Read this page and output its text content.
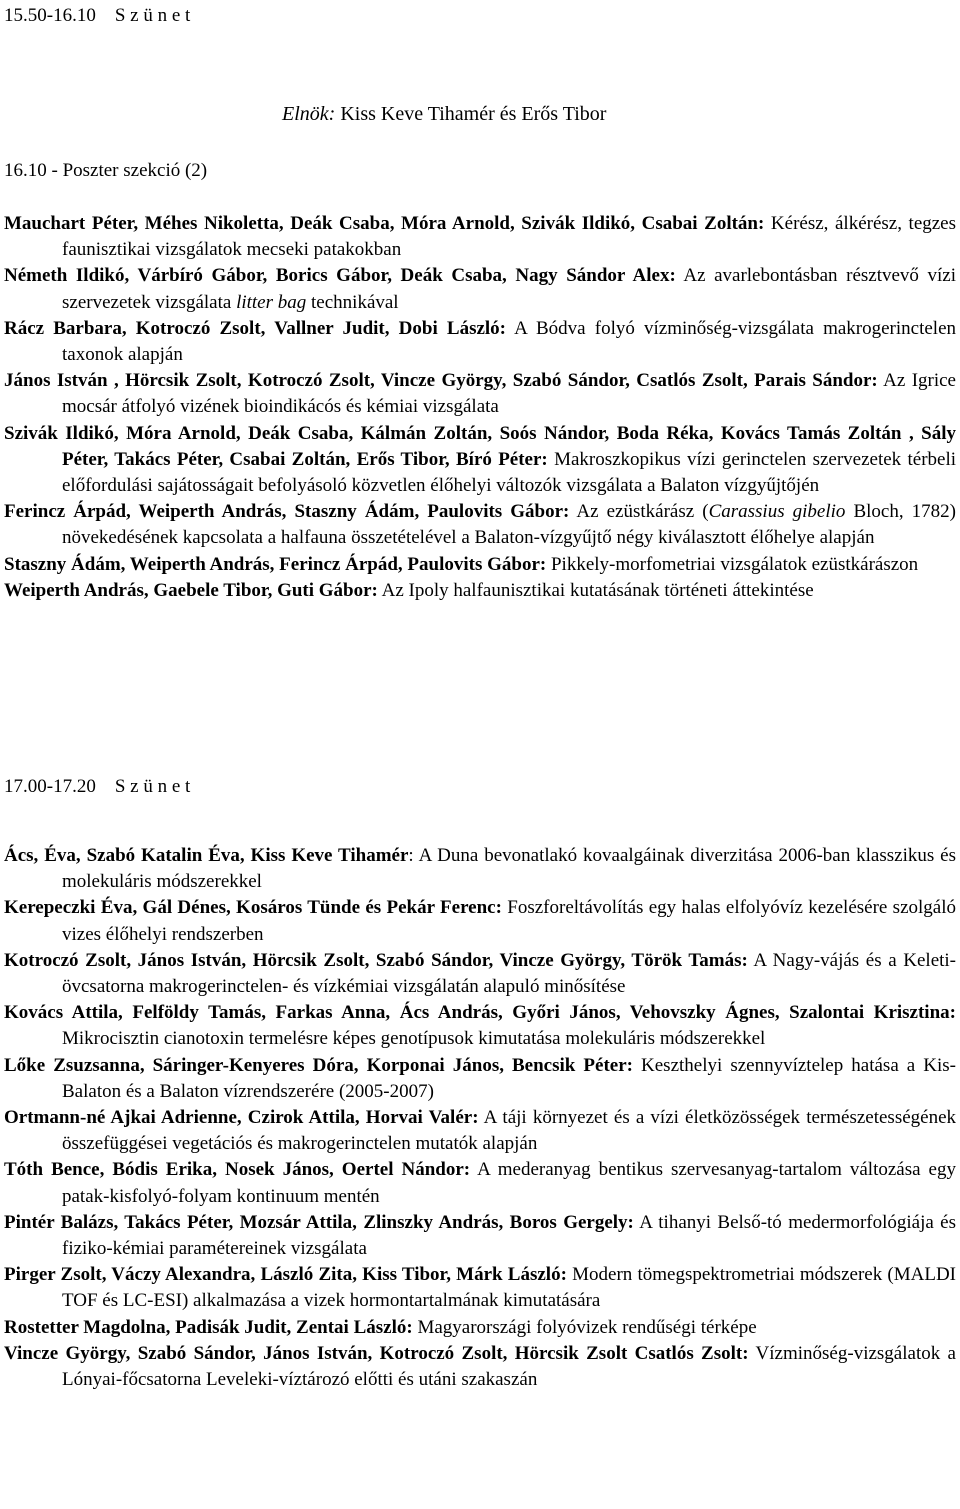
15.50-16.10 S z ü n e t
Elnök: Kiss Keve Tihamér és Erős Tibor
16.10 - Poszter szekció (2)
Mauchart Péter, Méhes Nikoletta, Deák Csaba, Móra Arnold, Szivák Ildikó, Csabai Zoltán: Kérész, álkérész, tegzes faunisztikai vizsgálatok mecseki patakokban
Németh Ildikó, Várbíró Gábor, Borics Gábor, Deák Csaba, Nagy Sándor Alex: Az avarlebontásban résztvevő vízi szervezetek vizsgálata litter bag technikával
Rácz Barbara, Kotroczó Zsolt, Vallner Judit, Dobi László: A Bódva folyó vízminőség-vizsgálata makrogerinctelen taxonok alapján
János István , Hörcsik Zsolt, Kotroczó Zsolt, Vincze György, Szabó Sándor, Csatlós Zsolt, Parais Sándor: Az Igrice mocsár átfolyó vizének bioindikácós és kémiai vizsgálata
Szivák Ildikó, Móra Arnold, Deák Csaba, Kálmán Zoltán, Soós Nándor, Boda Réka, Kovács Tamás Zoltán , Sály Péter, Takács Péter, Csabai Zoltán, Erős Tibor, Bíró Péter: Makroszkopikus vízi gerinctelen szervezetek térbeli előfordulási sajátosságait befolyásoló közvetlen élőhelyi változók vizsgálata a Balaton vízgyűjtőjén
Ferincz Árpád, Weiperth András, Staszny Ádám, Paulovits Gábor: Az ezüstkárász (Carassius gibelio Bloch, 1782) növekedésének kapcsolata a halfauna összetételével a Balaton-vízgyűjtő négy kiválasztott élőhelye alapján
Staszny Ádám, Weiperth András, Ferincz Árpád, Paulovits Gábor: Pikkely-morfometriai vizsgálatok ezüstkárászon
Weiperth András, Gaebele Tibor, Guti Gábor: Az Ipoly halfaunisztikai kutatásának történeti áttekintése
17.00-17.20 S z ü n e t
Ács, Éva, Szabó Katalin Éva, Kiss Keve Tihamér: A Duna bevonatlakó kovaalgáinak diverzitása 2006-ban klasszikus és molekuláris módszerekkel
Kerepeczki Éva, Gál Dénes, Kosáros Tünde és Pekár Ferenc: Foszforeltávolítás egy halas elfolyóvíz kezelésére szolgáló vizes élőhelyi rendszerben
Kotroczó Zsolt, János István, Hörcsik Zsolt, Szabó Sándor, Vincze György, Török Tamás: A Nagy-vájás és a Keleti-övcsatorna makrogerinctelen- és vízkémiai vizsgálatán alapuló minősítése
Kovács Attila, Felföldy Tamás, Farkas Anna, Ács András, Győri János, Vehovszky Ágnes, Szalontai Krisztina: Mikrocisztin cianotoxin termelésre képes genotípusok kimutatása molekuláris módszerekkel
Lőke Zsuzsanna, Sáringer-Kenyeres Dóra, Korponai János, Bencsik Péter: Keszthelyi szennyvíztelep hatása a Kis-Balaton és a Balaton vízrendszerére (2005-2007)
Ortmann-né Ajkai Adrienne, Czirok Attila, Horvai Valér: A táji környezet és a vízi életközösségek természetességének összefüggései vegetációs és makrogerinctelen mutatók alapján
Tóth Bence, Bódis Erika, Nosek János, Oertel Nándor: A mederanyag bentikus szervesanyag-tartalom változása egy patak-kisfolyó-folyam kontinuum mentén
Pintér Balázs, Takács Péter, Mozsár Attila, Zlinszky András, Boros Gergely: A tihanyi Belső-tó medermorfológiája és fiziko-kémiai paramétereinek vizsgálata
Pirger Zsolt, Váczy Alexandra, László Zita, Kiss Tibor, Márk László: Modern tömegspektrometriai módszerek (MALDI TOF és LC-ESI) alkalmazása a vizek hormontartalmának kimutatására
Rostetter Magdolna, Padisák Judit, Zentai László: Magyarországi folyóvizek rendűségi térképe
Vincze György, Szabó Sándor, János István, Kotroczó Zsolt, Hörcsik Zsolt Csatlós Zsolt: Vízminőség-vizsgálatok a Lónyai-főcsatorna Leveleki-víztározó előtti és utáni szakaszán
